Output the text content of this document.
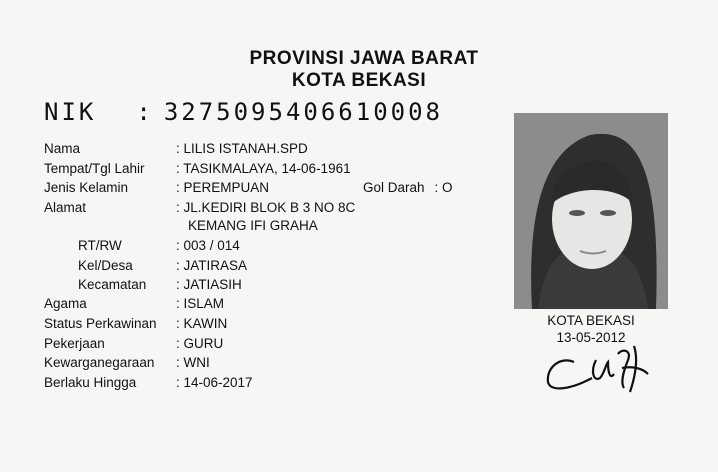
PROVINSI JAWA BARAT
KOTA BEKASI
NIK : 3275095406610008
Nama	: LILIS ISTANAH.SPD
Tempat/Tgl Lahir : TASIKMALAYA, 14-06-1961
Jenis Kelamin	: PEREMPUAN	Gol Darah : O
Alamat	: JL.KEDIRI BLOK B 3 NO 8C
KEMANG IFI GRAHA
RT/RW	: 003 / 014
Kel/Desa	: JATIRASA
Kecamatan : JATIASIH
Agama	: ISLAM
Status Perkawinan : KAWIN
Pekerjaan	: GURU
Kewarganegaraan : WNI
Berlaku Hingga	: 14-06-2017
KOTA BEKASI
13-05-2012
